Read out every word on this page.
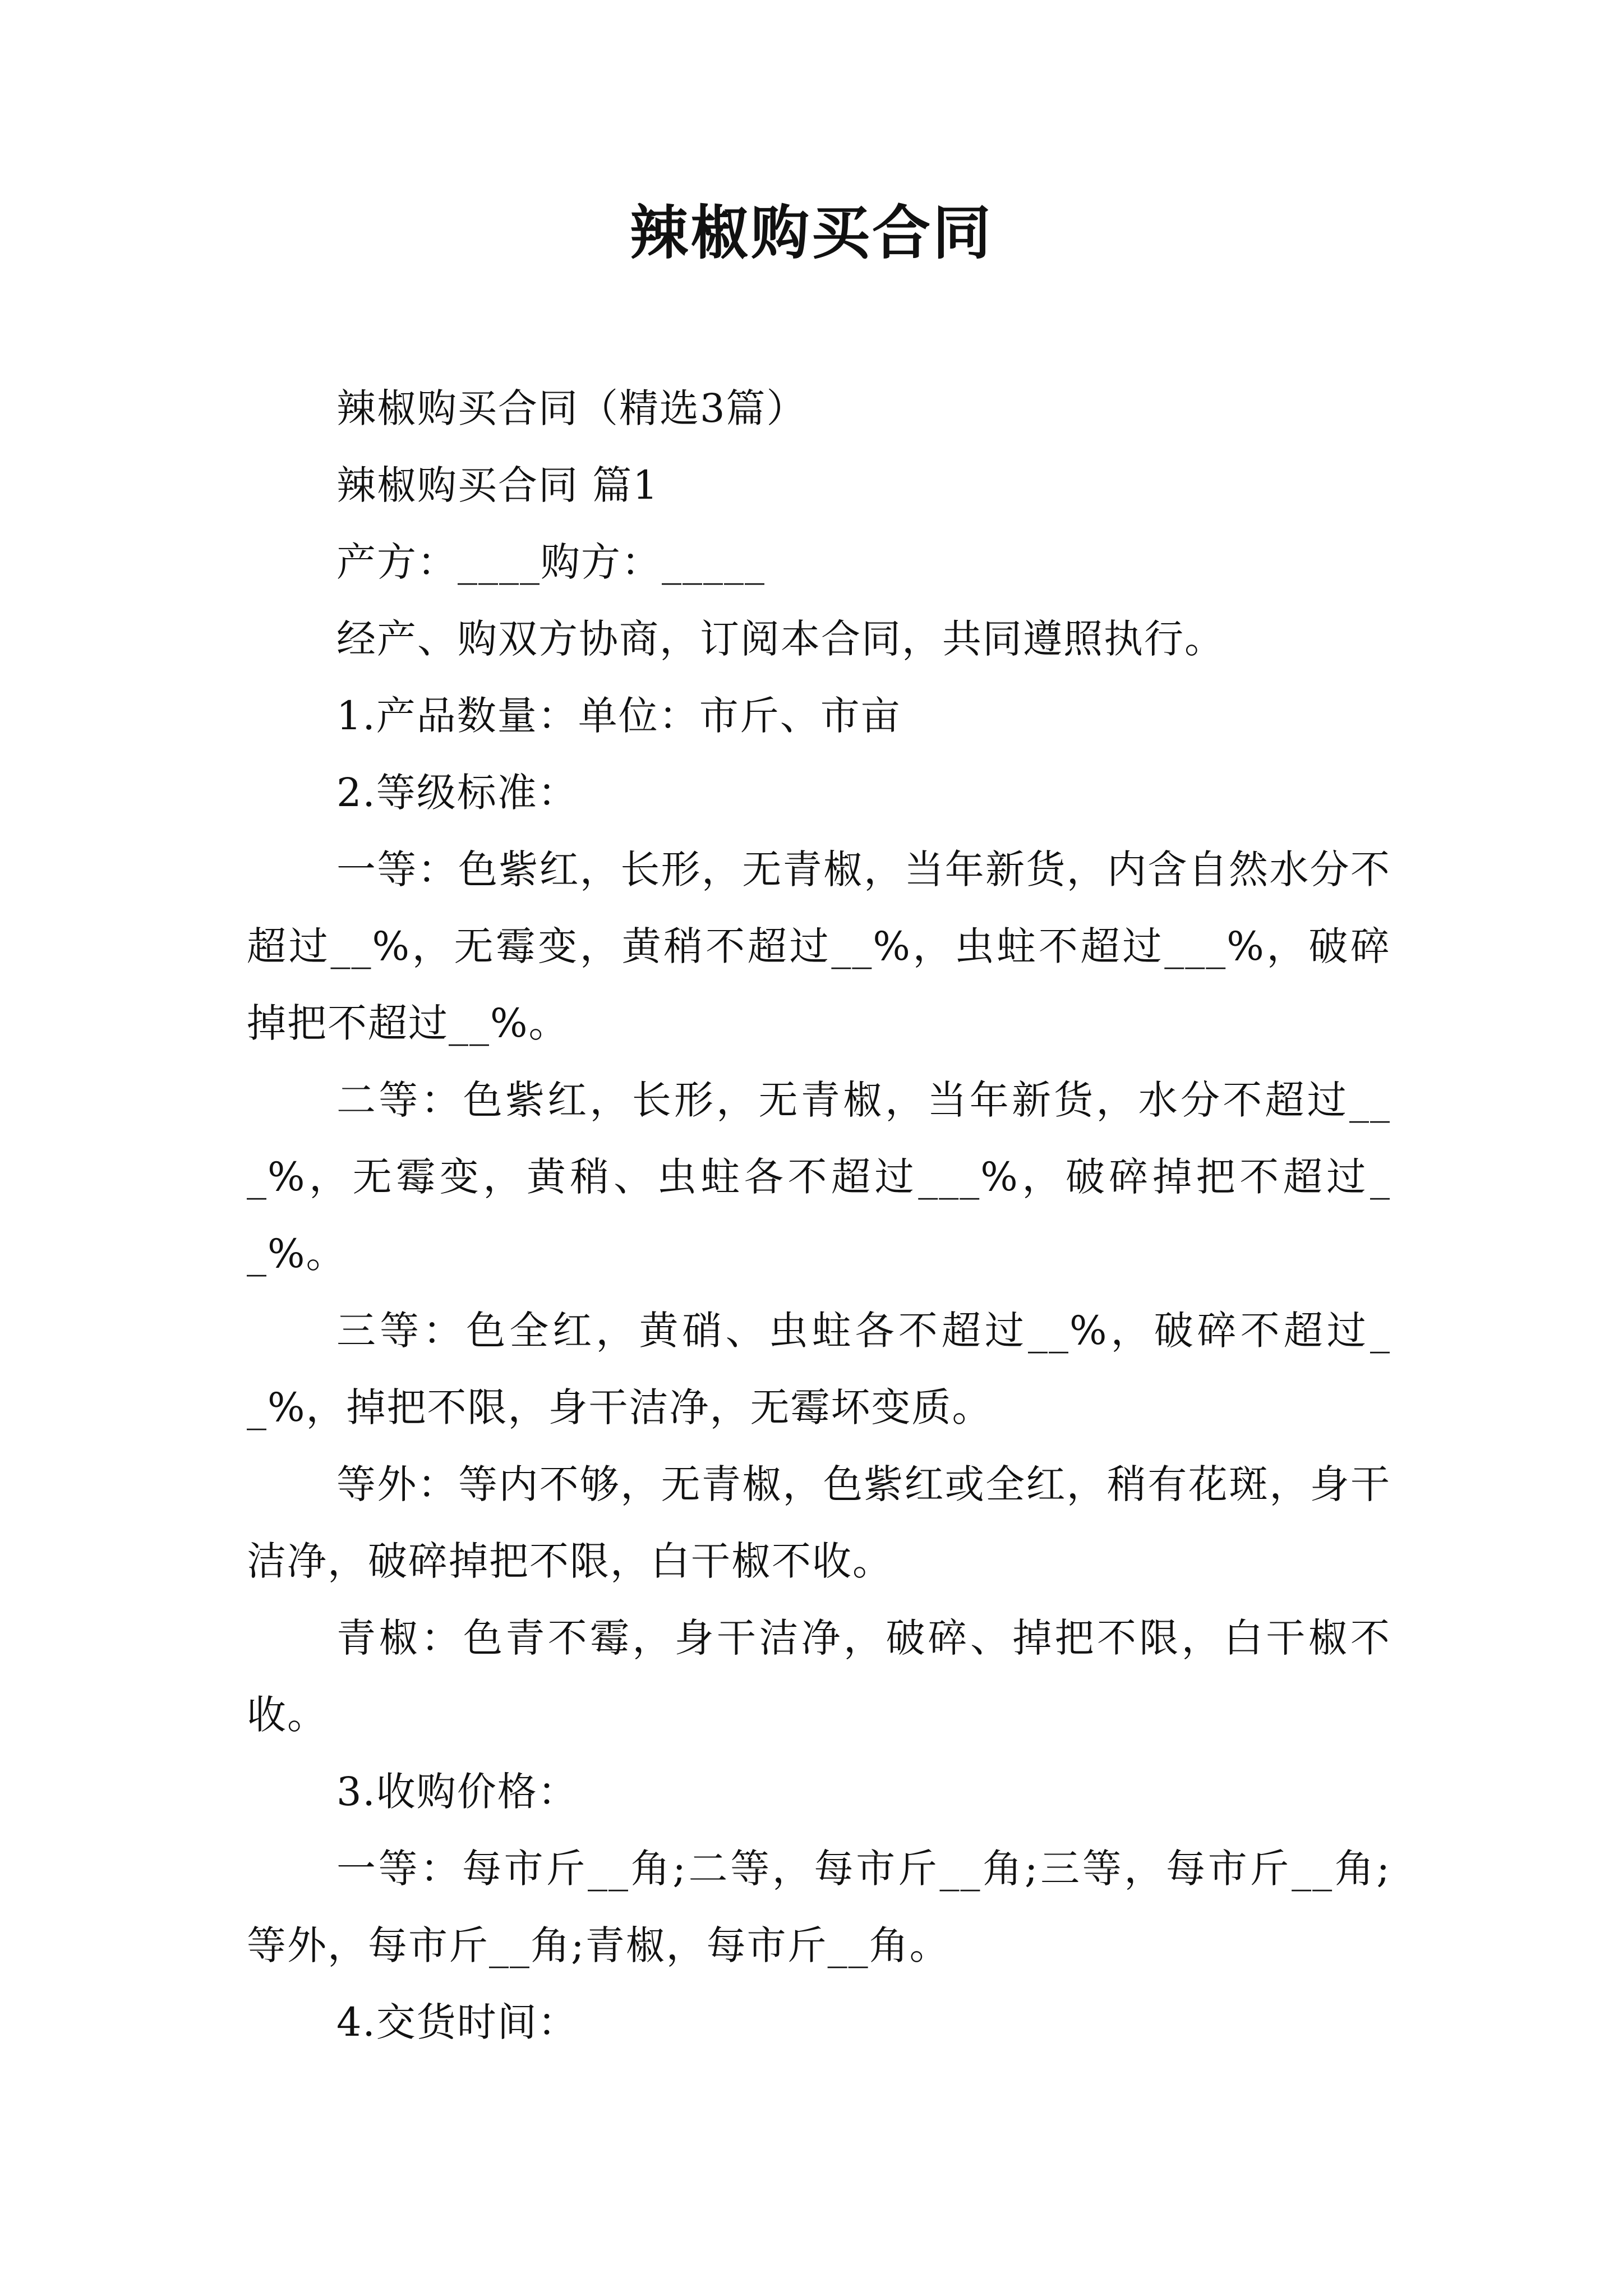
辣椒购买合同

辣椒购买合同（精选3篇）

辣椒购买合同 篇1

产方：____购方：_____

经产、购双方协商，订阅本合同，共同遵照执行。

1.产品数量：单位：市斤、市亩

2.等级标准：

一等：色紫红，长形，无青椒，当年新货，内含自然水分不超过__%，无霉变，黄稍不超过__%，虫蛀不超过___%，破碎掉把不超过__%。

二等：色紫红，长形，无青椒，当年新货，水分不超过___%，无霉变，黄稍、虫蛀各不超过___%，破碎掉把不超过__%。

三等：色全红，黄硝、虫蛀各不超过__%，破碎不超过__%，掉把不限，身干洁净，无霉坏变质。

等外：等内不够，无青椒，色紫红或全红，稍有花斑，身干洁净，破碎掉把不限，白干椒不收。

青椒：色青不霉，身干洁净，破碎、掉把不限，白干椒不收。

3.收购价格：

一等：每市斤__角;二等，每市斤__角;三等，每市斤__角;等外，每市斤__角;青椒，每市斤__角。

4.交货时间：
